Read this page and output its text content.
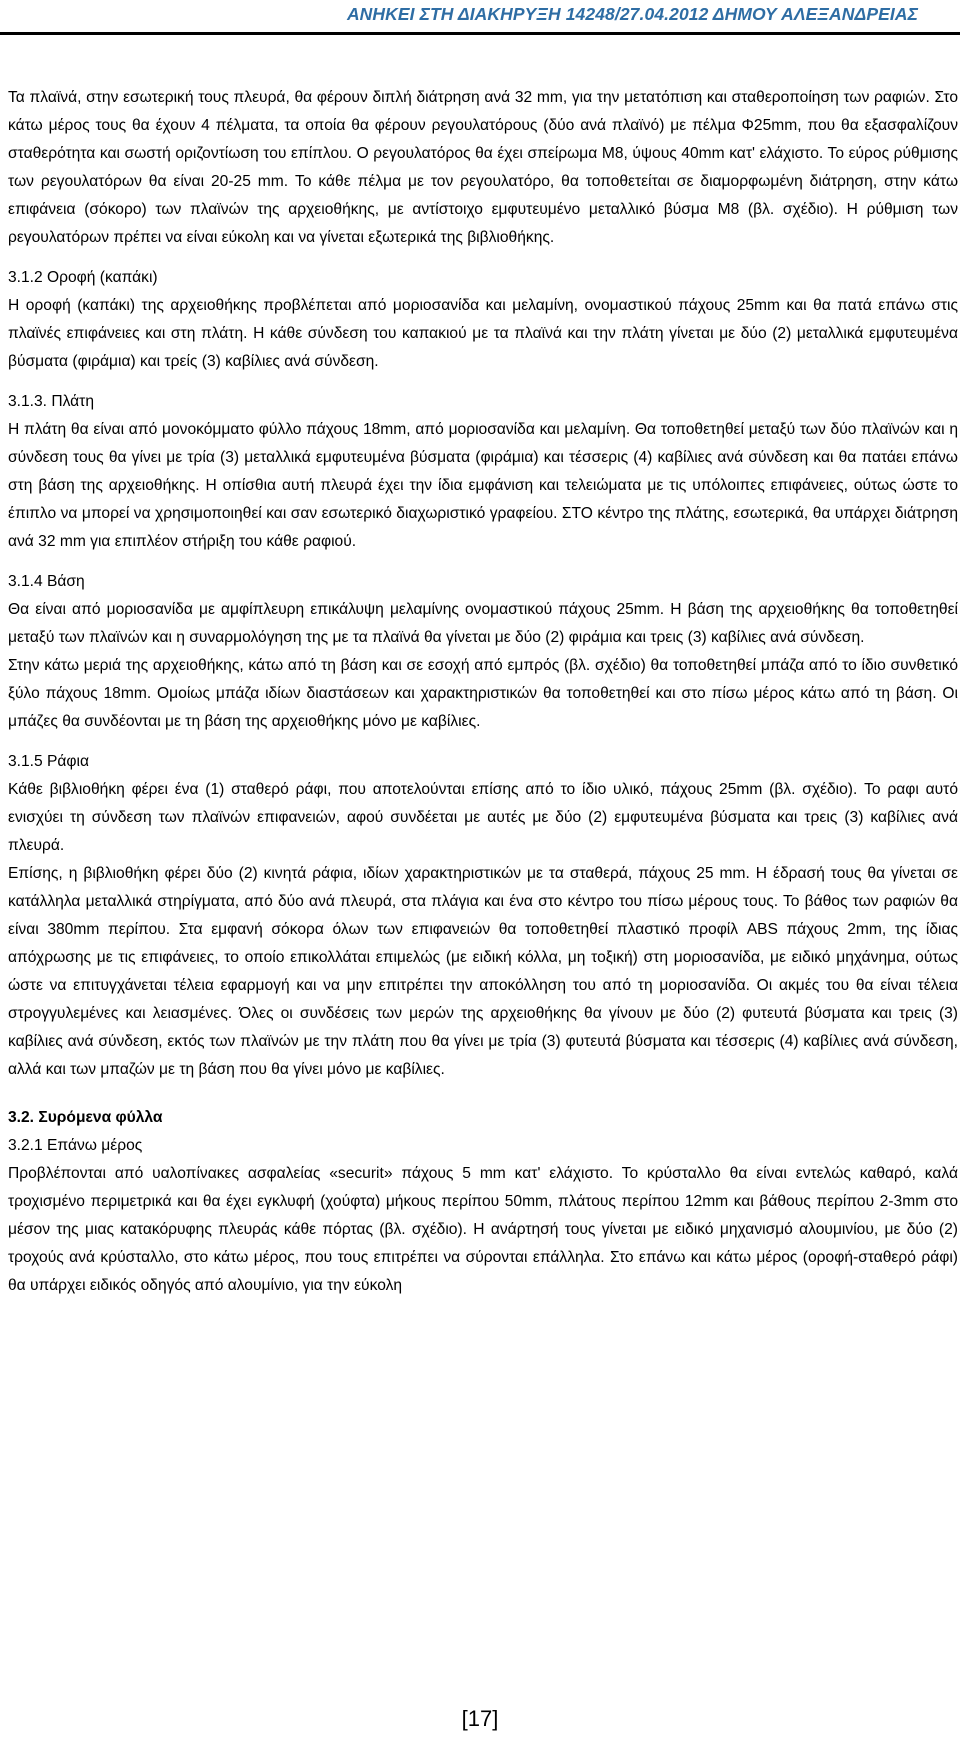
ΑΝΗΚΕΙ ΣΤΗ ΔΙΑΚΗΡΥΞΗ 14248/27.04.2012 ΔΗΜΟΥ ΑΛΕΞΑΝΔΡΕΙΑΣ

Τα πλαϊνά, στην εσωτερική τους πλευρά, θα φέρουν διπλή διάτρηση ανά 32 mm, για την μετατόπιση και σταθεροποίηση των ραφιών. Στο κάτω μέρος τους θα έχουν 4 πέλματα, τα οποία θα φέρουν ρεγουλατόρους (δύο ανά πλαϊνό) με πέλμα Φ25mm, που θα εξασφαλίζουν σταθερότητα και σωστή οριζοντίωση του επίπλου. Ο ρεγουλατόρος θα έχει σπείρωμα Μ8, ύψους 40mm κατ' ελάχιστο. Το εύρος ρύθμισης των ρεγουλατόρων θα είναι 20-25 mm. Το κάθε πέλμα με τον ρεγουλατόρο, θα τοποθετείται σε διαμορφωμένη διάτρηση, στην κάτω επιφάνεια (σόκορο) των πλαϊνών της αρχειοθήκης, με αντίστοιχο εμφυτευμένο μεταλλικό βύσμα Μ8 (βλ. σχέδιο). Η ρύθμιση των ρεγουλατόρων πρέπει να είναι εύκολη και να γίνεται εξωτερικά της βιβλιοθήκης.

3.1.2 Οροφή (καπάκι)

Η οροφή (καπάκι) της αρχειοθήκης προβλέπεται από μοριοσανίδα και μελαμίνη, ονομαστικού πάχους 25mm και θα πατά επάνω στις πλαϊνές επιφάνειες και στη πλάτη. Η κάθε σύνδεση του καπακιού με τα πλαϊνά και την πλάτη γίνεται με δύο (2) μεταλλικά εμφυτευμένα βύσματα (φιράμια) και τρείς (3) καβίλιες ανά σύνδεση.

3.1.3. Πλάτη

Η πλάτη θα είναι από μονοκόμματο φύλλο πάχους 18mm, από μοριοσανίδα και μελαμίνη. Θα τοποθετηθεί μεταξύ των δύο πλαϊνών και η σύνδεση τους θα γίνει με τρία (3) μεταλλικά εμφυτευμένα βύσματα (φιράμια) και τέσσερις (4) καβίλιες ανά σύνδεση και θα πατάει επάνω στη βάση της αρχειοθήκης. Η οπίσθια αυτή πλευρά έχει την ίδια εμφάνιση και τελειώματα με τις υπόλοιπες επιφάνειες, ούτως ώστε το έπιπλο να μπορεί να χρησιμοποιηθεί και σαν εσωτερικό διαχωριστικό γραφείου. ΣΤΟ κέντρο της πλάτης, εσωτερικά, θα υπάρχει διάτρηση ανά 32 mm για επιπλέον στήριξη του κάθε ραφιού.

3.1.4 Βάση

Θα είναι από μοριοσανίδα με αμφίπλευρη επικάλυψη μελαμίνης ονομαστικού πάχους 25mm. Η βάση της αρχειοθήκης θα τοποθετηθεί μεταξύ των πλαϊνών και η συναρμολόγηση της με τα πλαϊνά θα γίνεται με δύο (2) φιράμια και τρεις (3) καβίλιες ανά σύνδεση.

Στην κάτω μεριά της αρχειοθήκης, κάτω από τη βάση και σε εσοχή από εμπρός (βλ. σχέδιο) θα τοποθετηθεί μπάζα από το ίδιο συνθετικό ξύλο πάχους 18mm. Ομοίως μπάζα ιδίων διαστάσεων και χαρακτηριστικών θα τοποθετηθεί και στο πίσω μέρος κάτω από τη βάση. Οι μπάζες θα συνδέονται με τη βάση της αρχειοθήκης μόνο με καβίλιες.

3.1.5 Ράφια

Κάθε βιβλιοθήκη φέρει ένα (1) σταθερό ράφι, που αποτελούνται επίσης από το ίδιο υλικό, πάχους 25mm (βλ. σχέδιο). Το ραφι αυτό ενισχύει τη σύνδεση των πλαϊνών επιφανειών, αφού συνδέεται με αυτές με δύο (2) εμφυτευμένα βύσματα και τρεις (3) καβίλιες ανά πλευρά.

Επίσης, η βιβλιοθήκη φέρει δύο (2) κινητά ράφια, ιδίων χαρακτηριστικών με τα σταθερά, πάχους 25 mm. Η έδρασή τους θα γίνεται σε κατάλληλα μεταλλικά στηρίγματα, από δύο ανά πλευρά, στα πλάγια και ένα στο κέντρο του πίσω μέρους τους. Το βάθος των ραφιών θα είναι 380mm περίπου. Στα εμφανή σόκορα όλων των επιφανειών θα τοποθετηθεί πλαστικό προφίλ ABS πάχους 2mm, της ίδιας απόχρωσης με τις επιφάνειες, το οποίο επικολλάται επιμελώς (με ειδική κόλλα, μη τοξική) στη μοριοσανίδα, με ειδικό μηχάνημα, ούτως ώστε να επιτυγχάνεται τέλεια εφαρμογή και να μην επιτρέπει την αποκόλληση του από τη μοριοσανίδα. Οι ακμές του θα είναι τέλεια στρογγυλεμένες και λειασμένες. Όλες οι συνδέσεις των μερών της αρχειοθήκης θα γίνουν με δύο (2) φυτευτά βύσματα και τρεις (3) καβίλιες ανά σύνδεση, εκτός των πλαϊνών με την πλάτη που θα γίνει με τρία (3) φυτευτά βύσματα και τέσσερις (4) καβίλιες ανά σύνδεση, αλλά και των μπαζών με τη βάση που θα γίνει μόνο με καβίλιες.

3.2. Συρόμενα φύλλα

3.2.1 Επάνω μέρος

Προβλέπονται από υαλοπίνακες ασφαλείας «securit» πάχους 5 mm κατ' ελάχιστο. Το κρύσταλλο θα είναι εντελώς καθαρό, καλά τροχισμένο περιμετρικά και θα έχει εγκλυφή (χούφτα) μήκους περίπου 50mm, πλάτους περίπου 12mm και βάθους περίπου 2-3mm στο μέσον της μιας κατακόρυφης πλευράς κάθε πόρτας (βλ. σχέδιο). Η ανάρτησή τους γίνεται με ειδικό μηχανισμό αλουμινίου, με δύο (2) τροχούς ανά κρύσταλλο, στο κάτω μέρος, που τους επιτρέπει να σύρονται επάλληλα. Στο επάνω και κάτω μέρος (οροφή-σταθερό ράφι) θα υπάρχει ειδικός οδηγός από αλουμίνιο, για την εύκολη

[17]
